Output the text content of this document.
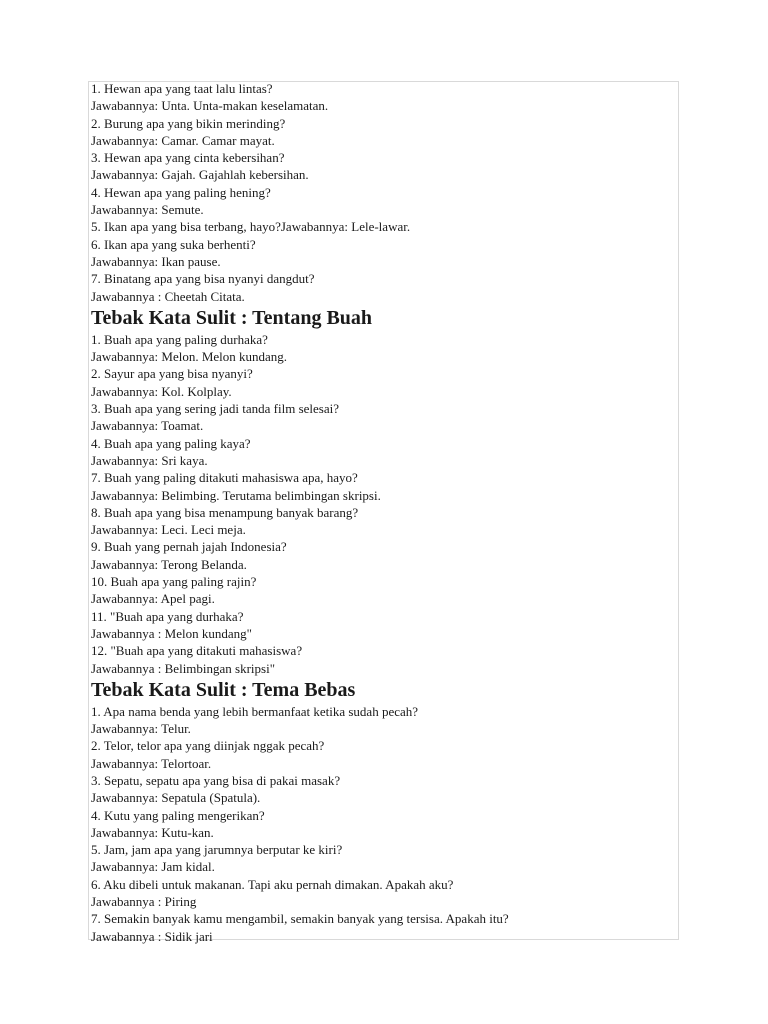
1. Hewan apa yang taat lalu lintas?
Jawabannya: Unta. Unta-makan keselamatan.
2. Burung apa yang bikin merinding?
Jawabannya: Camar. Camar mayat.
3. Hewan apa yang cinta kebersihan?
Jawabannya: Gajah. Gajahlah kebersihan.
4. Hewan apa yang paling hening?
Jawabannya: Semute.
5. Ikan apa yang bisa terbang, hayo?Jawabannya: Lele-lawar.
6. Ikan apa yang suka berhenti?
Jawabannya: Ikan pause.
7. Binatang apa yang bisa nyanyi dangdut?
Jawabannya : Cheetah Citata.
Tebak Kata Sulit : Tentang Buah
1. Buah apa yang paling durhaka?
Jawabannya: Melon. Melon kundang.
2. Sayur apa yang bisa nyanyi?
Jawabannya: Kol. Kolplay.
3. Buah apa yang sering jadi tanda film selesai?
Jawabannya: Toamat.
4. Buah apa yang paling kaya?
Jawabannya: Sri kaya.
7. Buah yang paling ditakuti mahasiswa apa, hayo?
Jawabannya: Belimbing. Terutama belimbingan skripsi.
8. Buah apa yang bisa menampung banyak barang?
Jawabannya: Leci. Leci meja.
9. Buah yang pernah jajah Indonesia?
Jawabannya: Terong Belanda.
10. Buah apa yang paling rajin?
Jawabannya: Apel pagi.
11. "Buah apa yang durhaka?
Jawabannya : Melon kundang"
12. "Buah apa yang ditakuti mahasiswa?
Jawabannya : Belimbingan skripsi"
Tebak Kata Sulit : Tema Bebas
1. Apa nama benda yang lebih bermanfaat ketika sudah pecah?
Jawabannya: Telur.
2. Telor, telor apa yang diinjak nggak pecah?
Jawabannya: Telortoar.
3. Sepatu, sepatu apa yang bisa di pakai masak?
Jawabannya: Sepatula (Spatula).
4. Kutu yang paling mengerikan?
Jawabannya: Kutu-kan.
5. Jam, jam apa yang jarumnya berputar ke kiri?
Jawabannya: Jam kidal.
6. Aku dibeli untuk makanan. Tapi aku pernah dimakan. Apakah aku?
Jawabannya : Piring
7. Semakin banyak kamu mengambil, semakin banyak yang tersisa. Apakah itu?
Jawabannya : Sidik jari
